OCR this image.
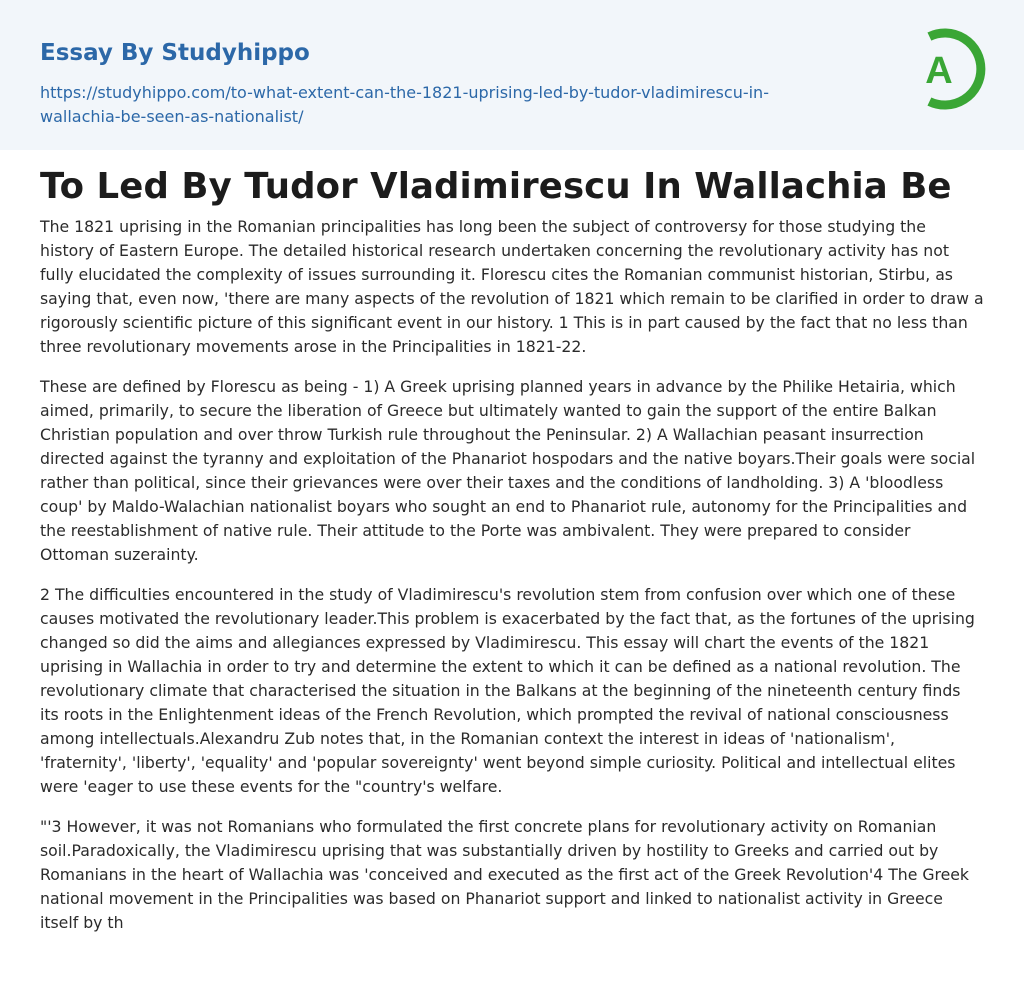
Essay By Studyhippo
https://studyhippo.com/to-what-extent-can-the-1821-uprising-led-by-tudor-vladimirescu-in-wallachia-be-seen-as-nationalist/
A
To Led By Tudor Vladimirescu In Wallachia Be

The 1821 uprising in the Romanian principalities has long been the subject of controversy for those studying the history of Eastern Europe. The detailed historical research undertaken concerning the revolutionary activity has not fully elucidated the complexity of issues surrounding it. Florescu cites the Romanian communist historian, Stirbu, as saying that, even now, 'there are many aspects of the revolution of 1821 which remain to be clarified in order to draw a rigorously scientific picture of this significant event in our history. 1 This is in part caused by the fact that no less than three revolutionary movements arose in the Principalities in 1821-22.

These are defined by Florescu as being - 1) A Greek uprising planned years in advance by the Philike Hetairia, which aimed, primarily, to secure the liberation of Greece but ultimately wanted to gain the support of the entire Balkan Christian population and over throw Turkish rule throughout the Peninsular. 2) A Wallachian peasant insurrection directed against the tyranny and exploitation of the Phanariot hospodars and the native boyars.Their goals were social rather than political, since their grievances were over their taxes and the conditions of landholding. 3) A 'bloodless coup' by Maldo-Walachian nationalist boyars who sought an end to Phanariot rule, autonomy for the Principalities and the reestablishment of native rule. Their attitude to the Porte was ambivalent. They were prepared to consider Ottoman suzerainty.

2 The difficulties encountered in the study of Vladimirescu's revolution stem from confusion over which one of these causes motivated the revolutionary leader.This problem is exacerbated by the fact that, as the fortunes of the uprising changed so did the aims and allegiances expressed by Vladimirescu. This essay will chart the events of the 1821 uprising in Wallachia in order to try and determine the extent to which it can be defined as a national revolution. The revolutionary climate that characterised the situation in the Balkans at the beginning of the nineteenth century finds its roots in the Enlightenment ideas of the French Revolution, which prompted the revival of national consciousness among intellectuals.Alexandru Zub notes that, in the Romanian context the interest in ideas of 'nationalism', 'fraternity', 'liberty', 'equality' and 'popular sovereignty' went beyond simple curiosity. Political and intellectual elites were 'eager to use these events for the "country's welfare.

"'3 However, it was not Romanians who formulated the first concrete plans for revolutionary activity on Romanian soil.Paradoxically, the Vladimirescu uprising that was substantially driven by hostility to Greeks and carried out by Romanians in the heart of Wallachia was 'conceived and executed as the first act of the Greek Revolution'4 The Greek national movement in the Principalities was based on Phanariot support and linked to nationalist activity in Greece itself by th
